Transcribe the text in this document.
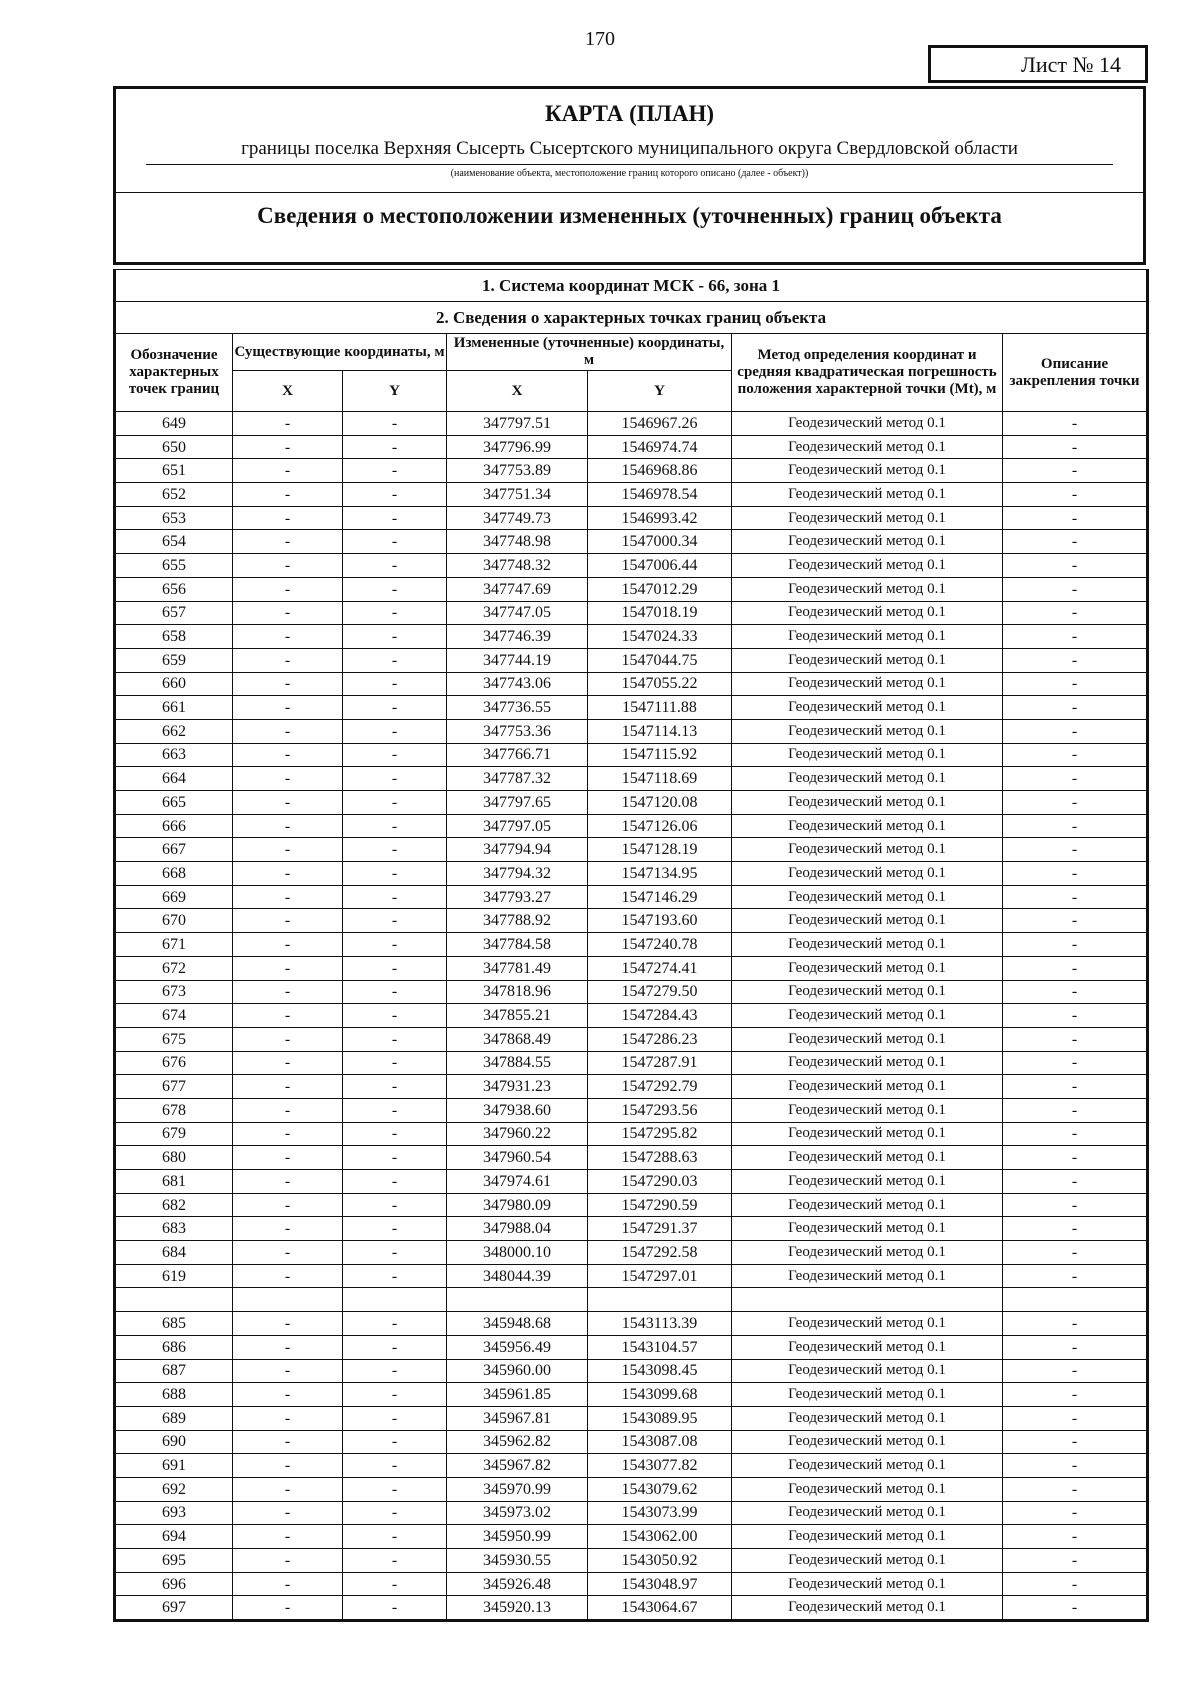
170
Лист № 14
КАРТА (ПЛАН)
границы поселка Верхняя Сысерть Сысертского муниципального округа Свердловской области
(наименование объекта, местоположение границ которого описано (далее - объект))
Сведения о местоположении измененных (уточненных) границ объекта
1. Система координат МСК - 66, зона 1						
2. Сведения о характерных точках границ объекта						
Обозначение характерных точек границ	Существующие координаты, м		Измененные (уточненные) координаты, м		Метод определения координат и средняя квадратическая погрешность положения характерной точки (Mt), м	Описание закрепления точки
	X	Y	X	Y		
649	-	-	347797.51	1546967.26	Геодезический метод 0.1	-
650	-	-	347796.99	1546974.74	Геодезический метод 0.1	-
651	-	-	347753.89	1546968.86	Геодезический метод 0.1	-
652	-	-	347751.34	1546978.54	Геодезический метод 0.1	-
653	-	-	347749.73	1546993.42	Геодезический метод 0.1	-
654	-	-	347748.98	1547000.34	Геодезический метод 0.1	-
655	-	-	347748.32	1547006.44	Геодезический метод 0.1	-
656	-	-	347747.69	1547012.29	Геодезический метод 0.1	-
657	-	-	347747.05	1547018.19	Геодезический метод 0.1	-
658	-	-	347746.39	1547024.33	Геодезический метод 0.1	-
659	-	-	347744.19	1547044.75	Геодезический метод 0.1	-
660	-	-	347743.06	1547055.22	Геодезический метод 0.1	-
661	-	-	347736.55	1547111.88	Геодезический метод 0.1	-
662	-	-	347753.36	1547114.13	Геодезический метод 0.1	-
663	-	-	347766.71	1547115.92	Геодезический метод 0.1	-
664	-	-	347787.32	1547118.69	Геодезический метод 0.1	-
665	-	-	347797.65	1547120.08	Геодезический метод 0.1	-
666	-	-	347797.05	1547126.06	Геодезический метод 0.1	-
667	-	-	347794.94	1547128.19	Геодезический метод 0.1	-
668	-	-	347794.32	1547134.95	Геодезический метод 0.1	-
669	-	-	347793.27	1547146.29	Геодезический метод 0.1	-
670	-	-	347788.92	1547193.60	Геодезический метод 0.1	-
671	-	-	347784.58	1547240.78	Геодезический метод 0.1	-
672	-	-	347781.49	1547274.41	Геодезический метод 0.1	-
673	-	-	347818.96	1547279.50	Геодезический метод 0.1	-
674	-	-	347855.21	1547284.43	Геодезический метод 0.1	-
675	-	-	347868.49	1547286.23	Геодезический метод 0.1	-
676	-	-	347884.55	1547287.91	Геодезический метод 0.1	-
677	-	-	347931.23	1547292.79	Геодезический метод 0.1	-
678	-	-	347938.60	1547293.56	Геодезический метод 0.1	-
679	-	-	347960.22	1547295.82	Геодезический метод 0.1	-
680	-	-	347960.54	1547288.63	Геодезический метод 0.1	-
681	-	-	347974.61	1547290.03	Геодезический метод 0.1	-
682	-	-	347980.09	1547290.59	Геодезический метод 0.1	-
683	-	-	347988.04	1547291.37	Геодезический метод 0.1	-
684	-	-	348000.10	1547292.58	Геодезический метод 0.1	-
619	-	-	348044.39	1547297.01	Геодезический метод 0.1	-

685	-	-	345948.68	1543113.39	Геодезический метод 0.1	-
686	-	-	345956.49	1543104.57	Геодезический метод 0.1	-
687	-	-	345960.00	1543098.45	Геодезический метод 0.1	-
688	-	-	345961.85	1543099.68	Геодезический метод 0.1	-
689	-	-	345967.81	1543089.95	Геодезический метод 0.1	-
690	-	-	345962.82	1543087.08	Геодезический метод 0.1	-
691	-	-	345967.82	1543077.82	Геодезический метод 0.1	-
692	-	-	345970.99	1543079.62	Геодезический метод 0.1	-
693	-	-	345973.02	1543073.99	Геодезический метод 0.1	-
694	-	-	345950.99	1543062.00	Геодезический метод 0.1	-
695	-	-	345930.55	1543050.92	Геодезический метод 0.1	-
696	-	-	345926.48	1543048.97	Геодезический метод 0.1	-
697	-	-	345920.13	1543064.67	Геодезический метод 0.1	-
